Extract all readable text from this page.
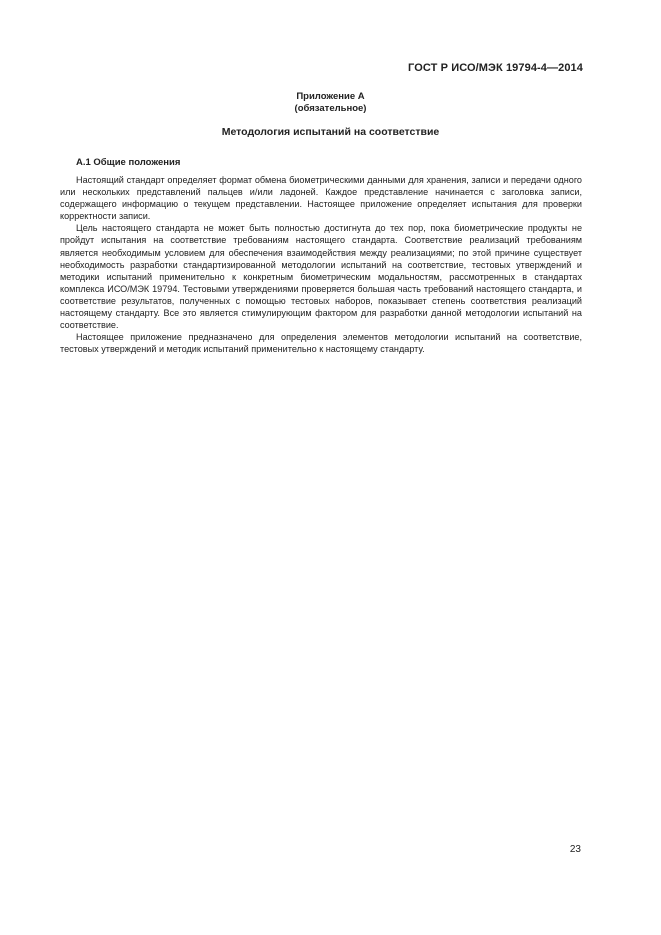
ГОСТ Р ИСО/МЭК 19794-4—2014
Приложение А
(обязательное)
Методология испытаний на соответствие
А.1 Общие положения

Настоящий стандарт определяет формат обмена биометрическими данными для хранения, записи и передачи одного или нескольких представлений пальцев и/или ладоней. Каждое представление начинается с заголовка записи, содержащего информацию о текущем представлении. Настоящее приложение определяет испытания для проверки корректности записи.

Цель настоящего стандарта не может быть полностью достигнута до тех пор, пока биометрические продукты не пройдут испытания на соответствие требованиям настоящего стандарта. Соответствие реализаций требованиям является необходимым условием для обеспечения взаимодействия между реализациями; по этой причине существует необходимость разработки стандартизированной методологии испытаний на соответствие, тестовых утверждений и методики испытаний применительно к конкретным биометрическим модальностям, рассмотренных в стандартах комплекса ИСО/МЭК 19794. Тестовыми утверждениями проверяется большая часть требований настоящего стандарта, и соответствие результатов, полученных с помощью тестовых наборов, показывает степень соответствия реализаций настоящему стандарту. Все это является стимулирующим фактором для разработки данной методологии испытаний на соответствие.

Настоящее приложение предназначено для определения элементов методологии испытаний на соответствие, тестовых утверждений и методик испытаний применительно к настоящему стандарту.

23
